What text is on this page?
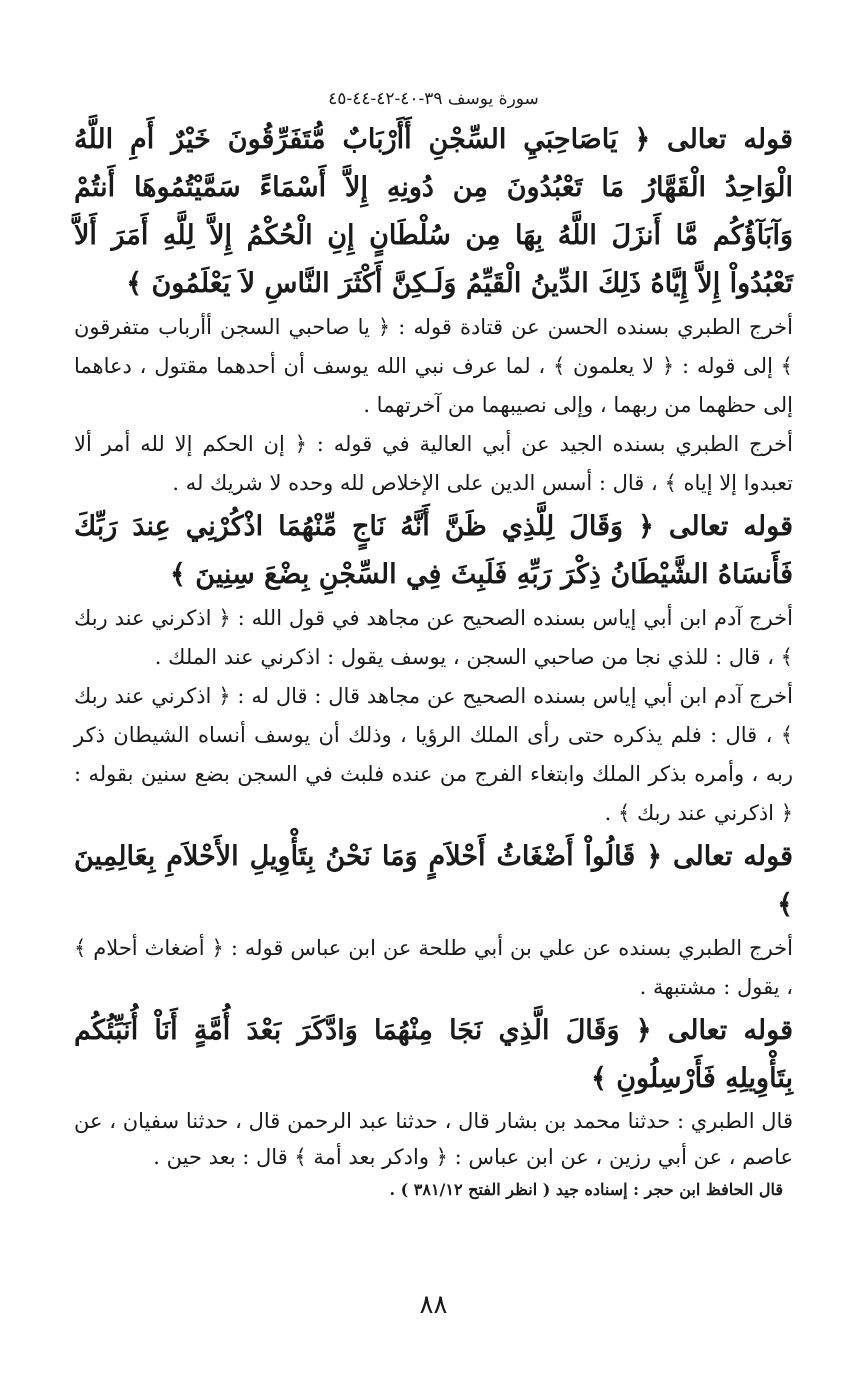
سورة يوسف ٣٩-٤٠-٤٢-٤٤-٤٥

قوله تعالى ﴿ يَاصَاحِبَيِ السِّجْنِ أَأَرْبَابٌ مُّتَفَرِّقُونَ خَيْرٌ أَمِ اللَّهُ الْوَاحِدُ الْقَهَّارُ مَا تَعْبُدُونَ مِن دُونِهِ إِلاَّ أَسْمَاءً سَمَّيْتُمُوهَا أَنتُمْ وَآبَآؤُكُم مَّا أَنزَلَ اللَّهُ بِهَا مِن سُلْطَانٍ إِنِ الْحُكْمُ إِلاَّ لِلَّهِ أَمَرَ أَلاَّ تَعْبُدُواْ إِلاَّ إِيَّاهُ ذَلِكَ الدِّينُ الْقَيِّمُ وَلَـكِنَّ أَكْثَرَ النَّاسِ لاَ يَعْلَمُونَ ﴾

أخرج الطبري بسنده الحسن عن قتادة قوله : ﴿ يا صاحبي السجن أأرباب متفرقون ﴾ إلى قوله : ﴿ لا يعلمون ﴾ ، لما عرف نبي الله يوسف أن أحدهما مقتول ، دعاهما إلى حظهما من ربهما ، وإلى نصيبهما من آخرتهما .

أخرج الطبري بسنده الجيد عن أبي العالية في قوله : ﴿ إن الحكم إلا لله أمر ألا تعبدوا إلا إياه ﴾ ، قال : أسس الدين على الإخلاص لله وحده لا شريك له .

قوله تعالى ﴿ وَقَالَ لِلَّذِي ظَنَّ أَنَّهُ نَاجٍ مِّنْهُمَا اذْكُرْنِي عِندَ رَبِّكَ فَأَنسَاهُ الشَّيْطَانُ ذِكْرَ رَبِّهِ فَلَبِثَ فِي السِّجْنِ بِضْعَ سِنِينَ ﴾

أخرج آدم ابن أبي إياس بسنده الصحيح عن مجاهد في قول الله : ﴿ اذكرني عند ربك ﴾ ، قال : للذي نجا من صاحبي السجن ، يوسف يقول : اذكرني عند الملك .

أخرج آدم ابن أبي إياس بسنده الصحيح عن مجاهد قال : قال له : ﴿ اذكرني عند ربك ﴾ ، قال : فلم يذكره حتى رأى الملك الرؤيا ، وذلك أن يوسف أنساه الشيطان ذكر ربه ، وأمره بذكر الملك وابتغاء الفرج من عنده فلبث في السجن بضع سنين بقوله : ﴿ اذكرني عند ربك ﴾ .

قوله تعالى ﴿ قَالُواْ أَضْغَاثُ أَحْلاَمٍ وَمَا نَحْنُ بِتَأْوِيلِ الأَحْلاَمِ بِعَالِمِينَ ﴾

أخرج الطبري بسنده عن علي بن أبي طلحة عن ابن عباس قوله : ﴿ أضغاث أحلام ﴾ ، يقول : مشتبهة .

قوله تعالى ﴿ وَقَالَ الَّذِي نَجَا مِنْهُمَا وَادَّكَرَ بَعْدَ أُمَّةٍ أَنَاْ أُنَبِّئُكُم بِتَأْوِيلِهِ فَأَرْسِلُونِ ﴾

قال الطبري : حدثنا محمد بن بشار قال ، حدثنا عبد الرحمن قال ، حدثنا سفيان ، عن عاصم ، عن أبي رزين ، عن ابن عباس : ﴿ وادكر بعد أمة ﴾ قال : بعد حين .

قال الحافظ ابن حجر : إسناده جيد ( انظر الفتح ٣٨١/١٢ ) .

٨٨
